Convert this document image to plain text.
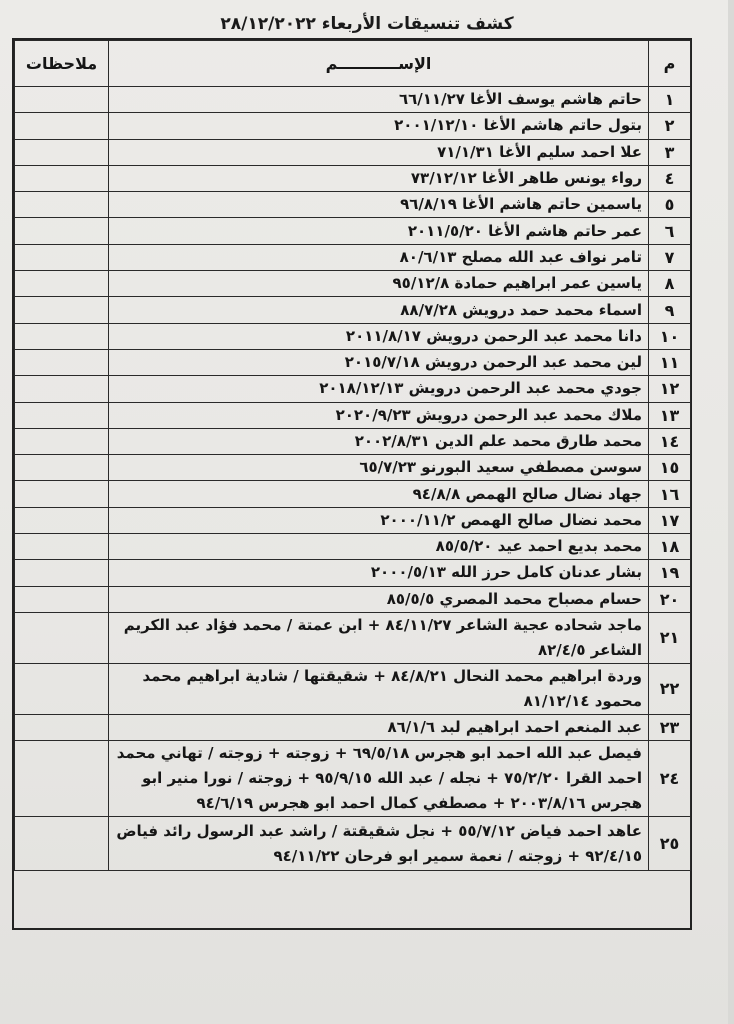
كشف تنسيقات الأربعاء ٢٨/١٢/٢٠٢٢
م	الإســـــــــــم	ملاحظات
١	حاتم هاشم يوسف الأغا ٦٦/١١/٢٧	
٢	بتول حاتم هاشم الأغا ٢٠٠١/١٢/١٠	
٣	علا احمد سليم الأغا ٧١/١/٣١	
٤	رواء يونس طاهر الأغا ٧٣/١٢/١٢	
٥	ياسمين حاتم هاشم الأغا ٩٦/٨/١٩	
٦	عمر حاتم هاشم الأغا ٢٠١١/٥/٢٠	
٧	تامر نواف عبد الله مصلح ٨٠/٦/١٣	
٨	ياسين عمر ابراهيم حمادة ٩٥/١٢/٨	
٩	اسماء محمد حمد درويش ٨٨/٧/٢٨	
١٠	دانا محمد عبد الرحمن درويش ٢٠١١/٨/١٧	
١١	لين محمد عبد الرحمن درويش ٢٠١٥/٧/١٨	
١٢	جودي محمد عبد الرحمن درويش ٢٠١٨/١٢/١٣	
١٣	ملاك محمد عبد الرحمن درويش ٢٠٢٠/٩/٢٣	
١٤	محمد طارق محمد علم الدين ٢٠٠٢/٨/٣١	
١٥	سوسن مصطفي سعيد البورنو ٦٥/٧/٢٣	
١٦	جهاد نضال صالح الهمص ٩٤/٨/٨	
١٧	محمد نضال صالح الهمص ٢٠٠٠/١١/٢	
١٨	محمد بديع احمد عيد ٨٥/٥/٢٠	
١٩	بشار عدنان كامل حرز الله ٢٠٠٠/٥/١٣	
٢٠	حسام مصباح محمد المصري ٨٥/٥/٥	
٢١	ماجد شحاده عجية الشاعر ٨٤/١١/٢٧ + ابن عمتة / محمد فؤاد عبد الكريم الشاعر ٨٢/٤/٥	
٢٢	وردة ابراهيم محمد النحال ٨٤/٨/٢١ + شقيقتها / شادية ابراهيم محمد محمود ٨١/١٢/١٤	
٢٣	عبد المنعم احمد ابراهيم لبد ٨٦/١/٦	
٢٤	فيصل عبد الله احمد ابو هجرس ٦٩/٥/١٨ + زوجته + زوجته / تهاني محمد احمد القرا ٧٥/٢/٢٠ + نجله / عبد الله ٩٥/٩/١٥ + زوجته / نورا منير ابو هجرس ٢٠٠٣/٨/١٦ + مصطفي كمال احمد ابو هجرس ٩٤/٦/١٩	
٢٥	عاهد احمد فياض ٥٥/٧/١٢ + نجل شقيقتة / راشد عبد الرسول رائد فياض ٩٢/٤/١٥ + زوجته / نعمة سمير ابو فرحان ٩٤/١١/٢٢	
